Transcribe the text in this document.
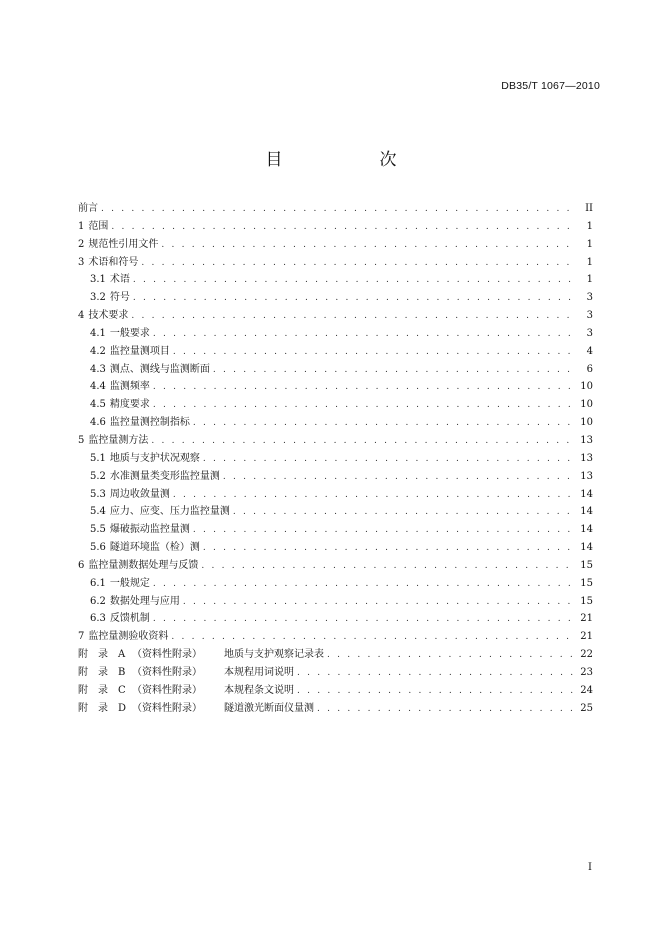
DB35/T 1067—2010
目　次
前言 . . .	II
1 范围 . . .	1
2 规范性引用文件 . . .	1
3 术语和符号 . . .	1
3.1 术语 . . .	1
3.2 符号 . . .	3
4 技术要求 . . .	3
4.1 一般要求 . . .	3
4.2 监控量测项目 . . .	4
4.3 测点、测线与监测断面 . . .	6
4.4 监测频率 . . .	10
4.5 精度要求 . . .	10
4.6 监控量测控制指标 . . .	10
5 监控量测方法 . . .	13
5.1 地质与支护状况观察 . . .	13
5.2 水准测量类变形监控量测 . . .	13
5.3 周边收敛量测 . . .	14
5.4 应力、应变、压力监控量测 . . .	14
5.5 爆破振动监控量测 . . .	14
5.6 隧道环境监（检）测 . . .	14
6 监控量测数据处理与反馈 . . .	15
6.1 一般规定 . . .	15
6.2 数据处理与应用 . . .	15
6.3 反馈机制 . . .	21
7 监控量测验收资料 . . .	21
附 录 A （资料性附录） 地质与支护观察记录表 . . .	22
附 录 B （资料性附录） 本规程用词说明 . . .	23
附 录 C （资料性附录） 本规程条文说明 . . .	24
附 录 D （资料性附录） 隧道激光断面仪量测 . . .	25
I
